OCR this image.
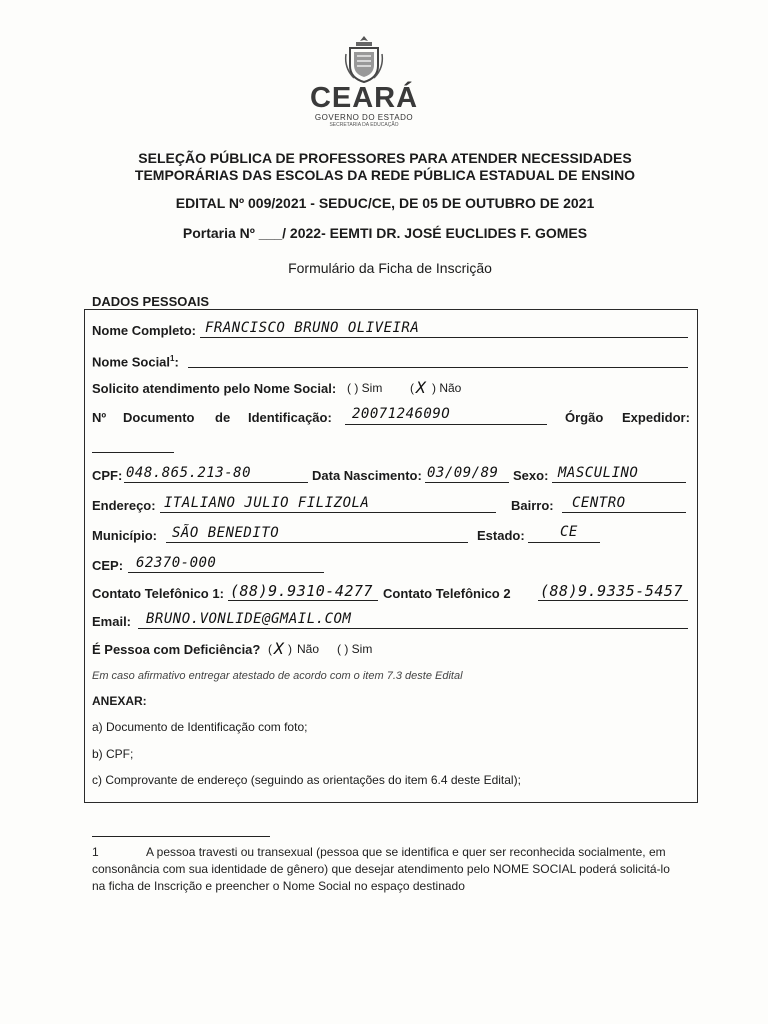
CEARÁ
GOVERNO DO ESTADO
SECRETARIA DA EDUCAÇÃO
SELEÇÃO PÚBLICA DE PROFESSORES PARA ATENDER NECESSIDADES
TEMPORÁRIAS DAS ESCOLAS DA REDE PÚBLICA ESTADUAL DE ENSINO
EDITAL Nº 009/2021 - SEDUC/CE, DE 05 DE OUTUBRO DE 2021
Portaria Nº ___/ 2022- EEMTI DR. JOSÉ EUCLIDES F. GOMES
Formulário da Ficha de Inscrição
DADOS PESSOAIS
Nome Completo: FRANCISCO BRUNO OLIVEIRA
Nome Social$^1$:
Solicito atendimento pelo Nome Social: ( ) Sim ( X ) Não
Nº Documento de Identificação: 2007124609O	Órgão Expedidor:
CPF: 048.865.213-80	Data Nascimento: 03/09/89 Sexo: MASCULINO
Endereço: ITALIANO JULIO FILIZOLA	Bairro: CENTRO
Município: SÃO BENEDITO	Estado:	CE
CEP: 62370-000
Contato Telefônico 1: (88)9.9310-4277 Contato Telefônico 2 (88)9.9335-5457
Email: BRUNO.VONLIDE@GMAIL.COM
É Pessoa com Deficiência? ( X ) Não ( ) Sim
Em caso afirmativo entregar atestado de acordo com o item 7.3 deste Edital
ANEXAR:
a) Documento de Identificação com foto;
b) CPF;
c) Comprovante de endereço (seguindo as orientações do item 6.4 deste Edital);
1	A pessoa travesti ou transexual (pessoa que se identifica e quer ser reconhecida socialmente, em
consonância com sua identidade de gênero) que desejar atendimento pelo NOME SOCIAL poderá solicitá-lo
na ficha de Inscrição e preencher o Nome Social no espaço destinado
